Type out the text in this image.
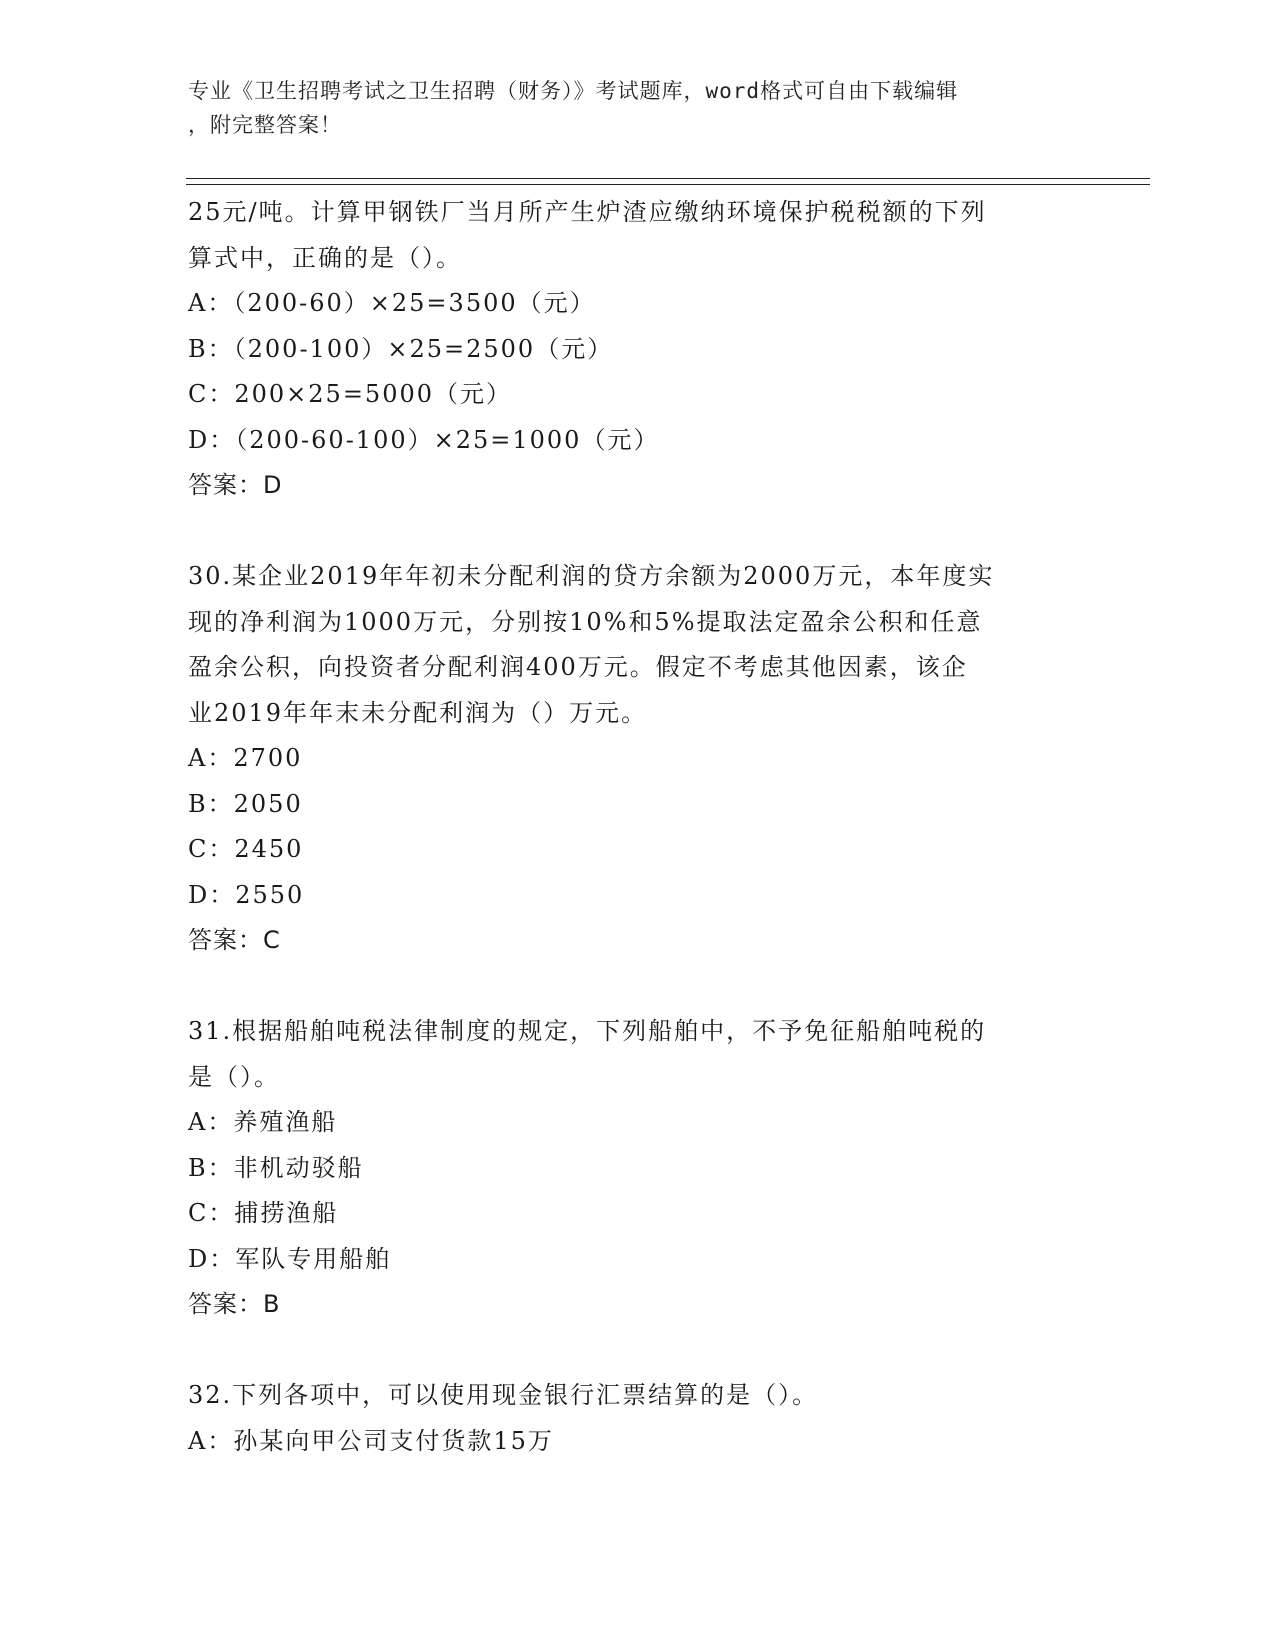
专业《卫生招聘考试之卫生招聘（财务）》考试题库，word格式可自由下载编辑
，附完整答案！
25元/吨。计算甲钢铁厂当月所产生炉渣应缴纳环境保护税税额的下列
算式中，正确的是（）。
A：（200-60）×25=3500（元）
B：（200-100）×25=2500（元）
C：200×25=5000（元）
D：（200-60-100）×25=1000（元）
答案：D
30.某企业2019年年初未分配利润的贷方余额为2000万元，本年度实
现的净利润为1000万元，分别按10%和5%提取法定盈余公积和任意
盈余公积，向投资者分配利润400万元。假定不考虑其他因素，该企
业2019年年末未分配利润为（）万元。
A：2700
B：2050
C：2450
D：2550
答案：C
31.根据船舶吨税法律制度的规定，下列船舶中，不予免征船舶吨税的
是（）。
A：养殖渔船
B：非机动驳船
C：捕捞渔船
D：军队专用船舶
答案：B
32.下列各项中，可以使用现金银行汇票结算的是（）。
A：孙某向甲公司支付货款15万
